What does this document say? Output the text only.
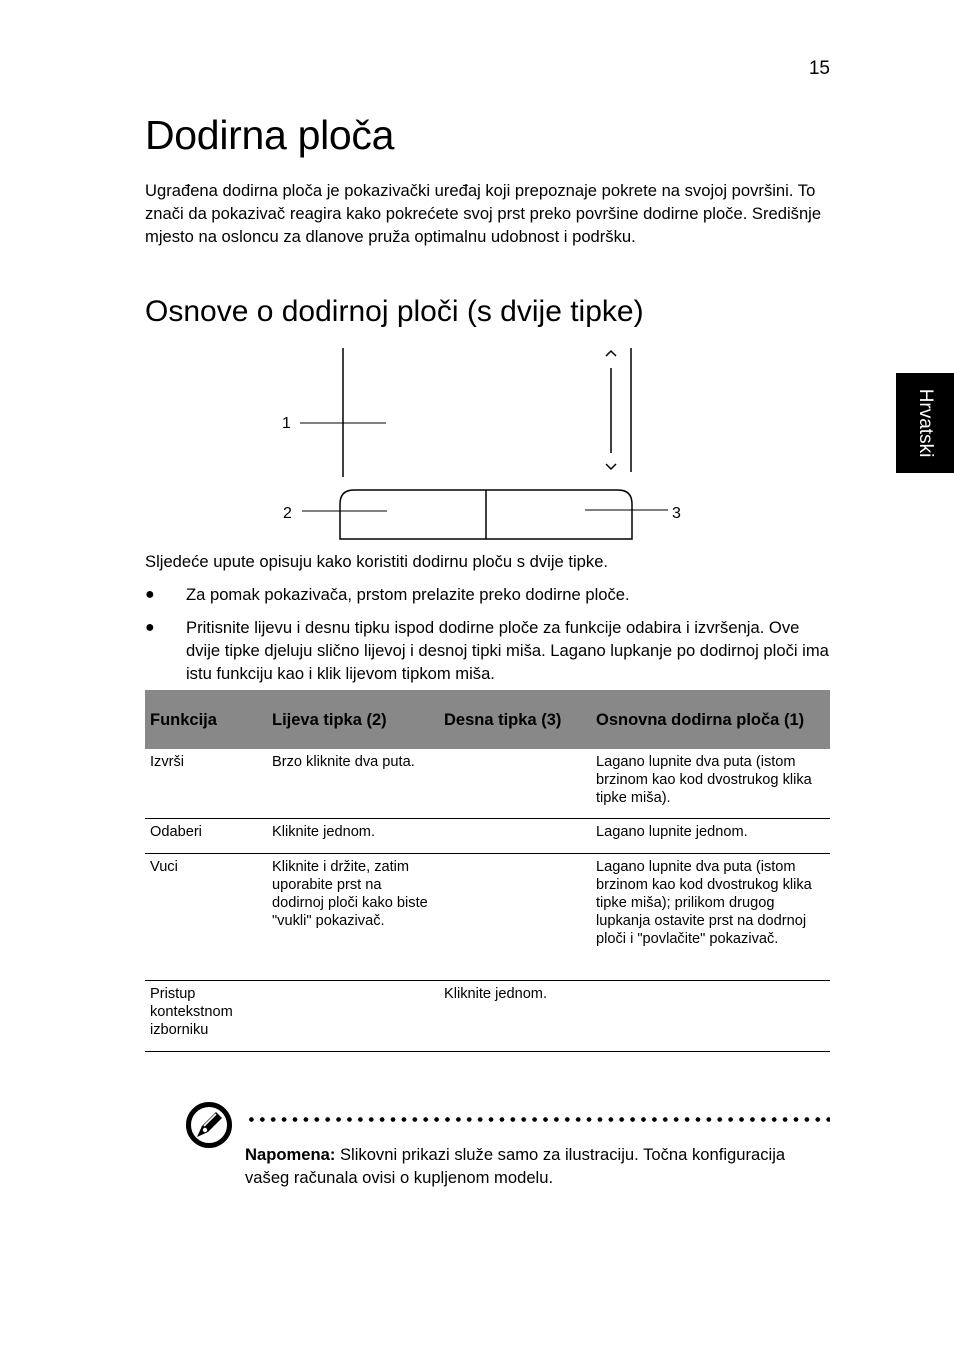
15
Hrvatski
Dodirna ploča

Ugrađena dodirna ploča je pokazivački uređaj koji prepoznaje pokrete na svojoj površini. To znači da pokazivač reagira kako pokrećete svoj prst preko površine dodirne ploče. Središnje mjesto na osloncu za dlanove pruža optimalnu udobnost i podršku.

Osnove o dodirnoj ploči (s dvije tipke)
1
2	3
Sljedeće upute opisuju kako koristiti dodirnu ploču s dvije tipke.
● Za pomak pokazivača, prstom prelazite preko dodirne ploče.
● Pritisnite lijevu i desnu tipku ispod dodirne ploče za funkcije odabira i izvršenja. Ove dvije tipke djeluju slično lijevoj i desnoj tipki miša. Lagano lupkanje po dodirnoj ploči ima istu funkciju kao i klik lijevom tipkom miša.
Funkcija	Lijeva tipka (2)	Desna tipka (3)	Osnovna dodirna ploča (1)
Izvrši	Brzo kliknite dva puta.		Lagano lupnite dva puta (istom brzinom kao kod dvostrukog klika tipke miša).
Odaberi	Kliknite jednom.		Lagano lupnite jednom.
Vuci	Kliknite i držite, zatim uporabite prst na dodirnoj ploči kako biste "vukli" pokazivač.		Lagano lupnite dva puta (istom brzinom kao kod dvostrukog klika tipke miša); prilikom drugog lupkanja ostavite prst na dodrnoj ploči i "povlačite" pokazivač.
Pristup kontekstnom izborniku		Kliknite jednom.	
Napomena: Slikovni prikazi služe samo za ilustraciju. Točna konfiguracija vašeg računala ovisi o kupljenom modelu.
